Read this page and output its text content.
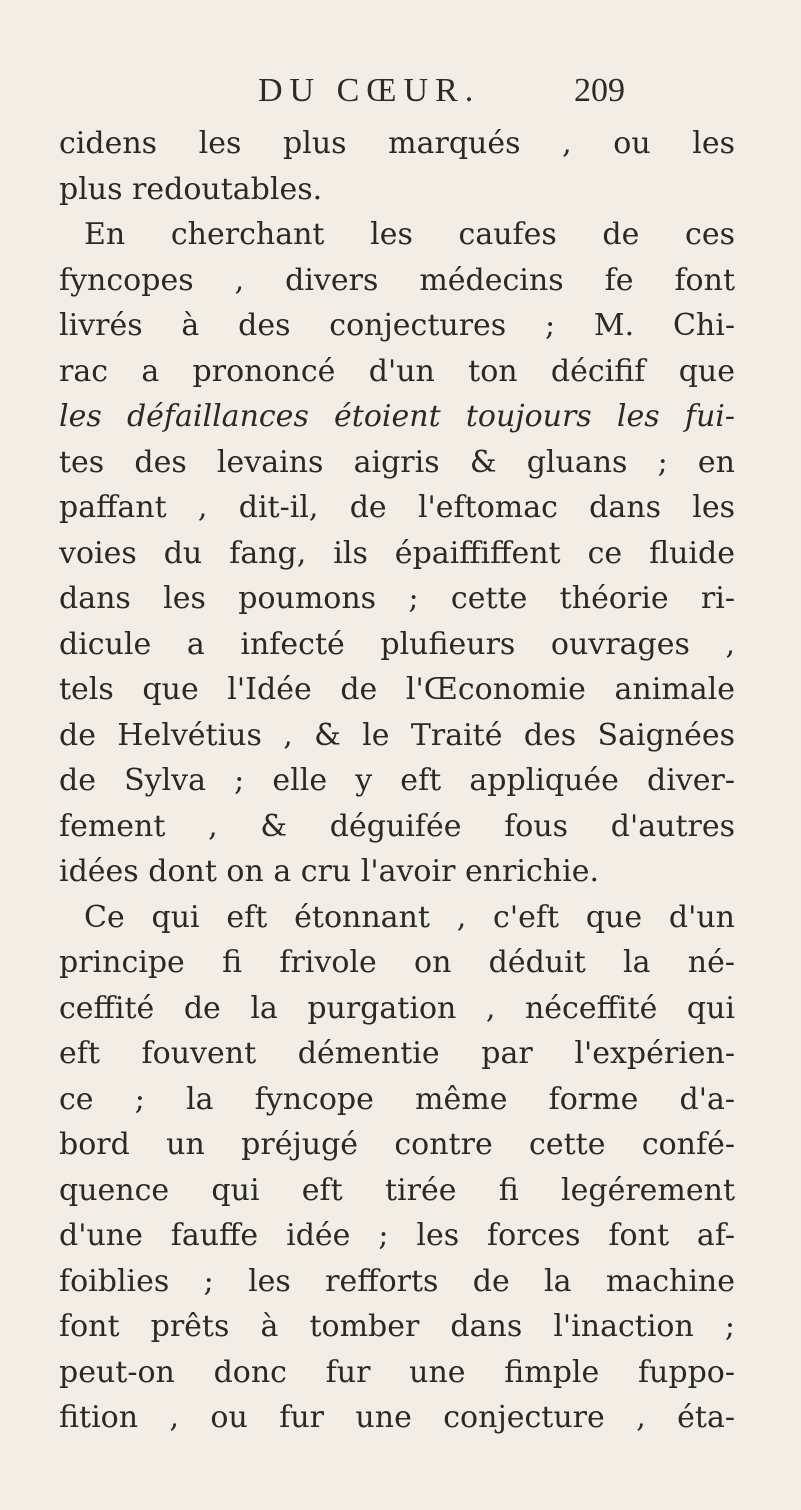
DU CŒUR.	209
cidens les plus marqués , ou les
plus redoutables.
En cherchant les caufes de ces
fyncopes , divers médecins fe font
livrés à des conjectures ; M. Chi-
rac a prononcé d'un ton décifif que
les défaillances étoient toujours les fui-
tes des levains aigris & gluans ; en
paffant , dit-il, de l'eftomac dans les
voies du fang, ils épaiffiffent ce fluide
dans les poumons ; cette théorie ri-
dicule a infecté plufieurs ouvrages ,
tels que l'Idée de l'Œconomie animale
de Helvétius , & le Traité des Saignées
de Sylva ; elle y eft appliquée diver-
fement , & déguifée fous d'autres
idées dont on a cru l'avoir enrichie.
Ce qui eft étonnant , c'eft que d'un
principe fi frivole on déduit la né-
ceffité de la purgation , néceffité qui
eft fouvent démentie par l'expérien-
ce ; la fyncope même forme d'a-
bord un préjugé contre cette confé-
quence qui eft tirée fi legérement
d'une fauffe idée ; les forces font af-
foiblies ; les refforts de la machine
font prêts à tomber dans l'inaction ;
peut-on donc fur une fimple fuppo-
fition , ou fur une conjecture , éta-
